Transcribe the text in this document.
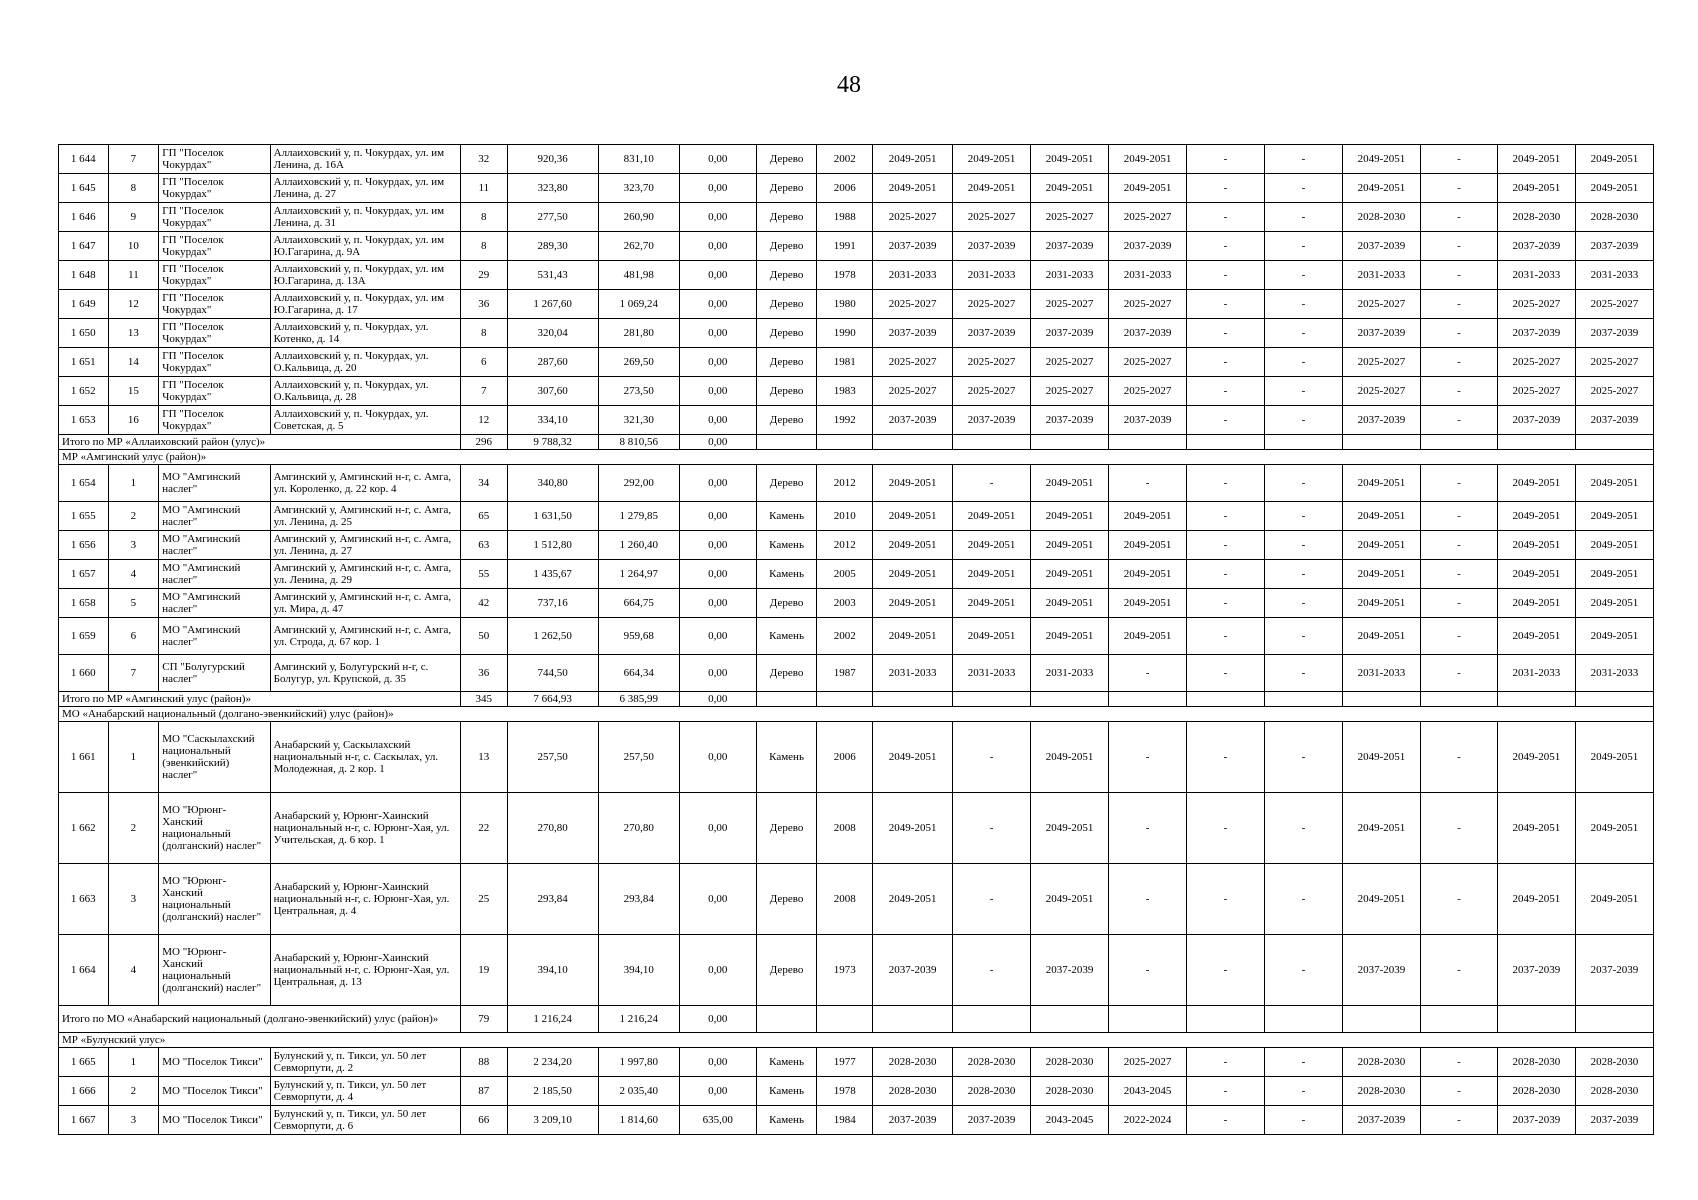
48
1 644	7	ГП "Поселок Чокурдах"	Аллаиховский у, п. Чокурдах, ул. им Ленина, д. 16А	32	920,36	831,10	0,00	Дерево	2002	2049-2051	2049-2051	2049-2051	2049-2051	-	-	2049-2051	-	2049-2051	2049-2051
1 645	8	ГП "Поселок Чокурдах"	Аллаиховский у, п. Чокурдах, ул. им Ленина, д. 27	11	323,80	323,70	0,00	Дерево	2006	2049-2051	2049-2051	2049-2051	2049-2051	-	-	2049-2051	-	2049-2051	2049-2051
1 646	9	ГП "Поселок Чокурдах"	Аллаиховский у, п. Чокурдах, ул. им Ленина, д. 31	8	277,50	260,90	0,00	Дерево	1988	2025-2027	2025-2027	2025-2027	2025-2027	-	-	2028-2030	-	2028-2030	2028-2030
1 647	10	ГП "Поселок Чокурдах"	Аллаиховский у, п. Чокурдах, ул. им Ю.Гагарина, д. 9А	8	289,30	262,70	0,00	Дерево	1991	2037-2039	2037-2039	2037-2039	2037-2039	-	-	2037-2039	-	2037-2039	2037-2039
1 648	11	ГП "Поселок Чокурдах"	Аллаиховский у, п. Чокурдах, ул. им Ю.Гагарина, д. 13А	29	531,43	481,98	0,00	Дерево	1978	2031-2033	2031-2033	2031-2033	2031-2033	-	-	2031-2033	-	2031-2033	2031-2033
1 649	12	ГП "Поселок Чокурдах"	Аллаиховский у, п. Чокурдах, ул. им Ю.Гагарина, д. 17	36	1 267,60	1 069,24	0,00	Дерево	1980	2025-2027	2025-2027	2025-2027	2025-2027	-	-	2025-2027	-	2025-2027	2025-2027
1 650	13	ГП "Поселок Чокурдах"	Аллаиховский у, п. Чокурдах, ул. Котенко, д. 14	8	320,04	281,80	0,00	Дерево	1990	2037-2039	2037-2039	2037-2039	2037-2039	-	-	2037-2039	-	2037-2039	2037-2039
1 651	14	ГП "Поселок Чокурдах"	Аллаиховский у, п. Чокурдах, ул. О.Кальвица, д. 20	6	287,60	269,50	0,00	Дерево	1981	2025-2027	2025-2027	2025-2027	2025-2027	-	-	2025-2027	-	2025-2027	2025-2027
1 652	15	ГП "Поселок Чокурдах"	Аллаиховский у, п. Чокурдах, ул. О.Кальвица, д. 28	7	307,60	273,50	0,00	Дерево	1983	2025-2027	2025-2027	2025-2027	2025-2027	-	-	2025-2027	-	2025-2027	2025-2027
1 653	16	ГП "Поселок Чокурдах"	Аллаиховский у, п. Чокурдах, ул. Советская, д. 5	12	334,10	321,30	0,00	Дерево	1992	2037-2039	2037-2039	2037-2039	2037-2039	-	-	2037-2039	-	2037-2039	2037-2039
Итого по МР «Аллаиховский район (улус)»				296	9 788,32	8 810,56	0,00												
МР «Амгинский улус (район)»																			
1 654	1	МО "Амгинский наслег"	Амгинский у, Амгинский н-г, с. Амга, ул. Короленко, д. 22 кор. 4	34	340,80	292,00	0,00	Дерево	2012	2049-2051	-	2049-2051	-	-	-	2049-2051	-	2049-2051	2049-2051
1 655	2	МО "Амгинский наслег"	Амгинский у, Амгинский н-г, с. Амга, ул. Ленина, д. 25	65	1 631,50	1 279,85	0,00	Камень	2010	2049-2051	2049-2051	2049-2051	2049-2051	-	-	2049-2051	-	2049-2051	2049-2051
1 656	3	МО "Амгинский наслег"	Амгинский у, Амгинский н-г, с. Амга, ул. Ленина, д. 27	63	1 512,80	1 260,40	0,00	Камень	2012	2049-2051	2049-2051	2049-2051	2049-2051	-	-	2049-2051	-	2049-2051	2049-2051
1 657	4	МО "Амгинский наслег"	Амгинский у, Амгинский н-г, с. Амга, ул. Ленина, д. 29	55	1 435,67	1 264,97	0,00	Камень	2005	2049-2051	2049-2051	2049-2051	2049-2051	-	-	2049-2051	-	2049-2051	2049-2051
1 658	5	МО "Амгинский наслег"	Амгинский у, Амгинский н-г, с. Амга, ул. Мира, д. 47	42	737,16	664,75	0,00	Дерево	2003	2049-2051	2049-2051	2049-2051	2049-2051	-	-	2049-2051	-	2049-2051	2049-2051
1 659	6	МО "Амгинский наслег"	Амгинский у, Амгинский н-г, с. Амга, ул. Строда, д. 67 кор. 1	50	1 262,50	959,68	0,00	Камень	2002	2049-2051	2049-2051	2049-2051	2049-2051	-	-	2049-2051	-	2049-2051	2049-2051
1 660	7	СП "Болугурский наслег"	Амгинский у, Болугурский н-г, с. Болугур, ул. Крупской, д. 35	36	744,50	664,34	0,00	Дерево	1987	2031-2033	2031-2033	2031-2033	-	-	-	2031-2033	-	2031-2033	2031-2033
Итого по МР «Амгинский улус (район)»				345	7 664,93	6 385,99	0,00												
МО «Анабарский национальный (долгано-эвенкийский) улус (район)»																			
1 661	1	МО "Саскылахский национальный (эвенкийский) наслег"	Анабарский у, Саскылахский национальный н-г, с. Саскылах, ул. Молодежная, д. 2 кор. 1	13	257,50	257,50	0,00	Камень	2006	2049-2051	-	2049-2051	-	-	-	2049-2051	-	2049-2051	2049-2051
1 662	2	МО "Юрюнг-Ханский национальный (долганский) наслег"	Анабарский у, Юрюнг-Хаинский национальный н-г, с. Юрюнг-Хая, ул. Учительская, д. 6 кор. 1	22	270,80	270,80	0,00	Дерево	2008	2049-2051	-	2049-2051	-	-	-	2049-2051	-	2049-2051	2049-2051
1 663	3	МО "Юрюнг-Ханский национальный (долганский) наслег"	Анабарский у, Юрюнг-Хаинский национальный н-г, с. Юрюнг-Хая, ул. Центральная, д. 4	25	293,84	293,84	0,00	Дерево	2008	2049-2051	-	2049-2051	-	-	-	2049-2051	-	2049-2051	2049-2051
1 664	4	МО "Юрюнг-Ханский национальный (долганский) наслег"	Анабарский у, Юрюнг-Хаинский национальный н-г, с. Юрюнг-Хая, ул. Центральная, д. 13	19	394,10	394,10	0,00	Дерево	1973	2037-2039	-	2037-2039	-	-	-	2037-2039	-	2037-2039	2037-2039
Итого по МО «Анабарский национальный (долгано-эвенкийский) улус (район)»				79	1 216,24	1 216,24	0,00												
МР «Булунский улус»																			
1 665	1	МО "Поселок Тикси"	Булунский у, п. Тикси, ул. 50 лет Севморпути, д. 2	88	2 234,20	1 997,80	0,00	Камень	1977	2028-2030	2028-2030	2028-2030	2025-2027	-	-	2028-2030	-	2028-2030	2028-2030
1 666	2	МО "Поселок Тикси"	Булунский у, п. Тикси, ул. 50 лет Севморпути, д. 4	87	2 185,50	2 035,40	0,00	Камень	1978	2028-2030	2028-2030	2028-2030	2043-2045	-	-	2028-2030	-	2028-2030	2028-2030
1 667	3	МО "Поселок Тикси"	Булунский у, п. Тикси, ул. 50 лет Севморпути, д. 6	66	3 209,10	1 814,60	635,00	Камень	1984	2037-2039	2037-2039	2043-2045	2022-2024	-	-	2037-2039	-	2037-2039	2037-2039
